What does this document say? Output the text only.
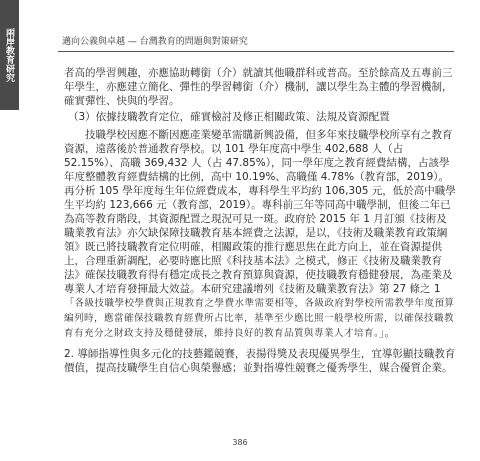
兩岸教育研究	邁向公義與卓越 — 台灣教育的問題與對策研究

者高的學習興趣，亦應協助轉銜（介）就讀其他職群科或普高。至於餘高及五專前三年學生，亦應建立簡化、彈性的學習轉銜（介）機制，讓以學生為主體的學習機制，確實彈性、快與的學習。

（3）依據技職教育定位，確實檢討及修正相關政策、法規及資源配置

技職學校因應不斷因應產業變革需購新興設備，但多年來技職學校所享有之教育資源，遠落後於普通教育學校。以 101 學年度高中學生 402,688 人（占 52.15%）、高職 369,432 人（占 47.85%），同一學年度之教育經費結構，占該學年度整體教育經費結構的比例，高中 10.19%、高職僅 4.78%（教育部，2019）。再分析 105 學年度每生年位經費成本，專科學生平均約 106,305 元，低於高中職學生平均約 123,666 元（教育部，2019）。專科前三年等同高中職學制，但後二年已為高等教育階段，其資源配置之現況可見一斑。政府於 2015 年 1 月訂頒《技術及職業教育法》亦欠缺保障技職教育基本經費之法源，是以，《技術及職業教育政策綱領》既已將技職教育定位明確，相關政策的推行應思焦在此方向上，並在資源提供上，合理重新調配，必要時應比照《科技基本法》之模式，修正《技術及職業教育法》確保技職教育得有穩定成長之教育預算與資源，使技職教育穩健發展，為產業及專業人才培育發揮最大效益。本研究建議增列《技術及職業教育法》第 27 條之 1「各級技職學校學費與正規教育之學費水準需要相等，各級政府對學校所需教學年度預算編列時，應當確保技職教育經費所占比率，基準至少應比照一般學校所需，以確保技職教育有充分之財政支持及穩健發展，維持良好的教育品質與專業人才培育。」。

2. 導師指導性與多元化的技藝鑑競賽，表揚得獎及表現優異學生，宜導彰顯技職教育價值，提高技職學生自信心與榮譽感；並對指導性競賽之優秀學生，媒合優質企業。

386
